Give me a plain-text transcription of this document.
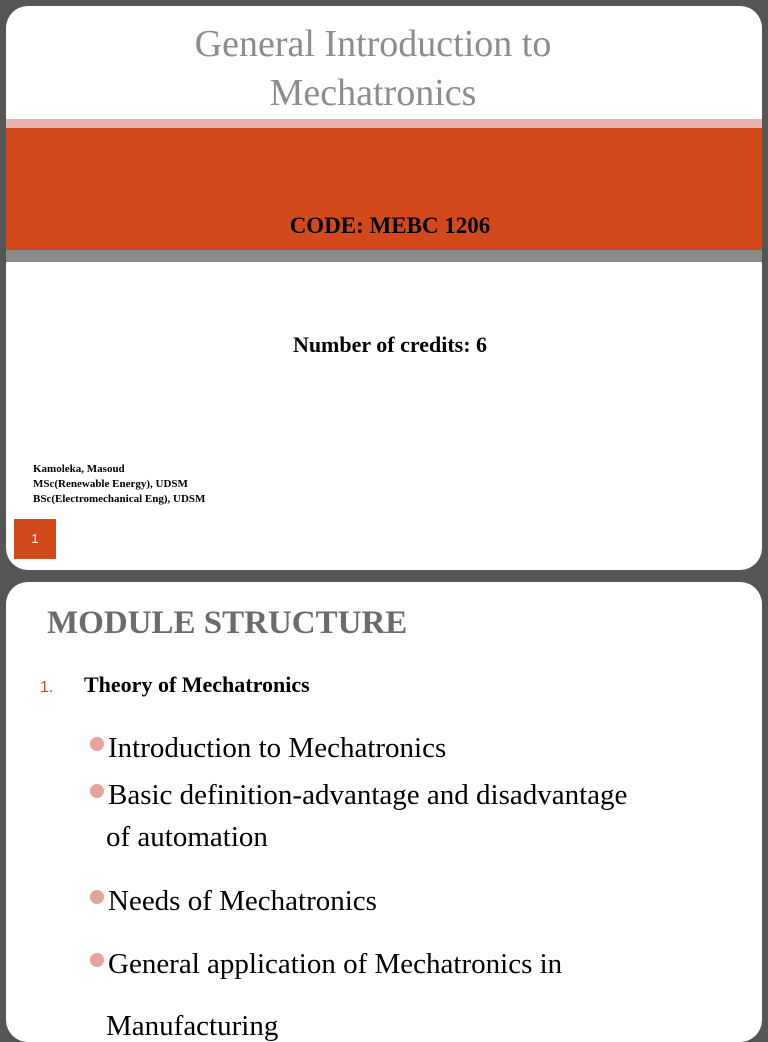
General Introduction to
Mechatronics
CODE: MEBC 1206
Number of credits: 6
Kamoleka, Masoud
MSc(Renewable Energy), UDSM
BSc(Electromechanical Eng), UDSM
1
MODULE STRUCTURE
1. Theory of Mechatronics
Introduction to Mechatronics
Basic definition-advantage and disadvantage
of automation
Needs of Mechatronics
General application of Mechatronics in
Manufacturing
